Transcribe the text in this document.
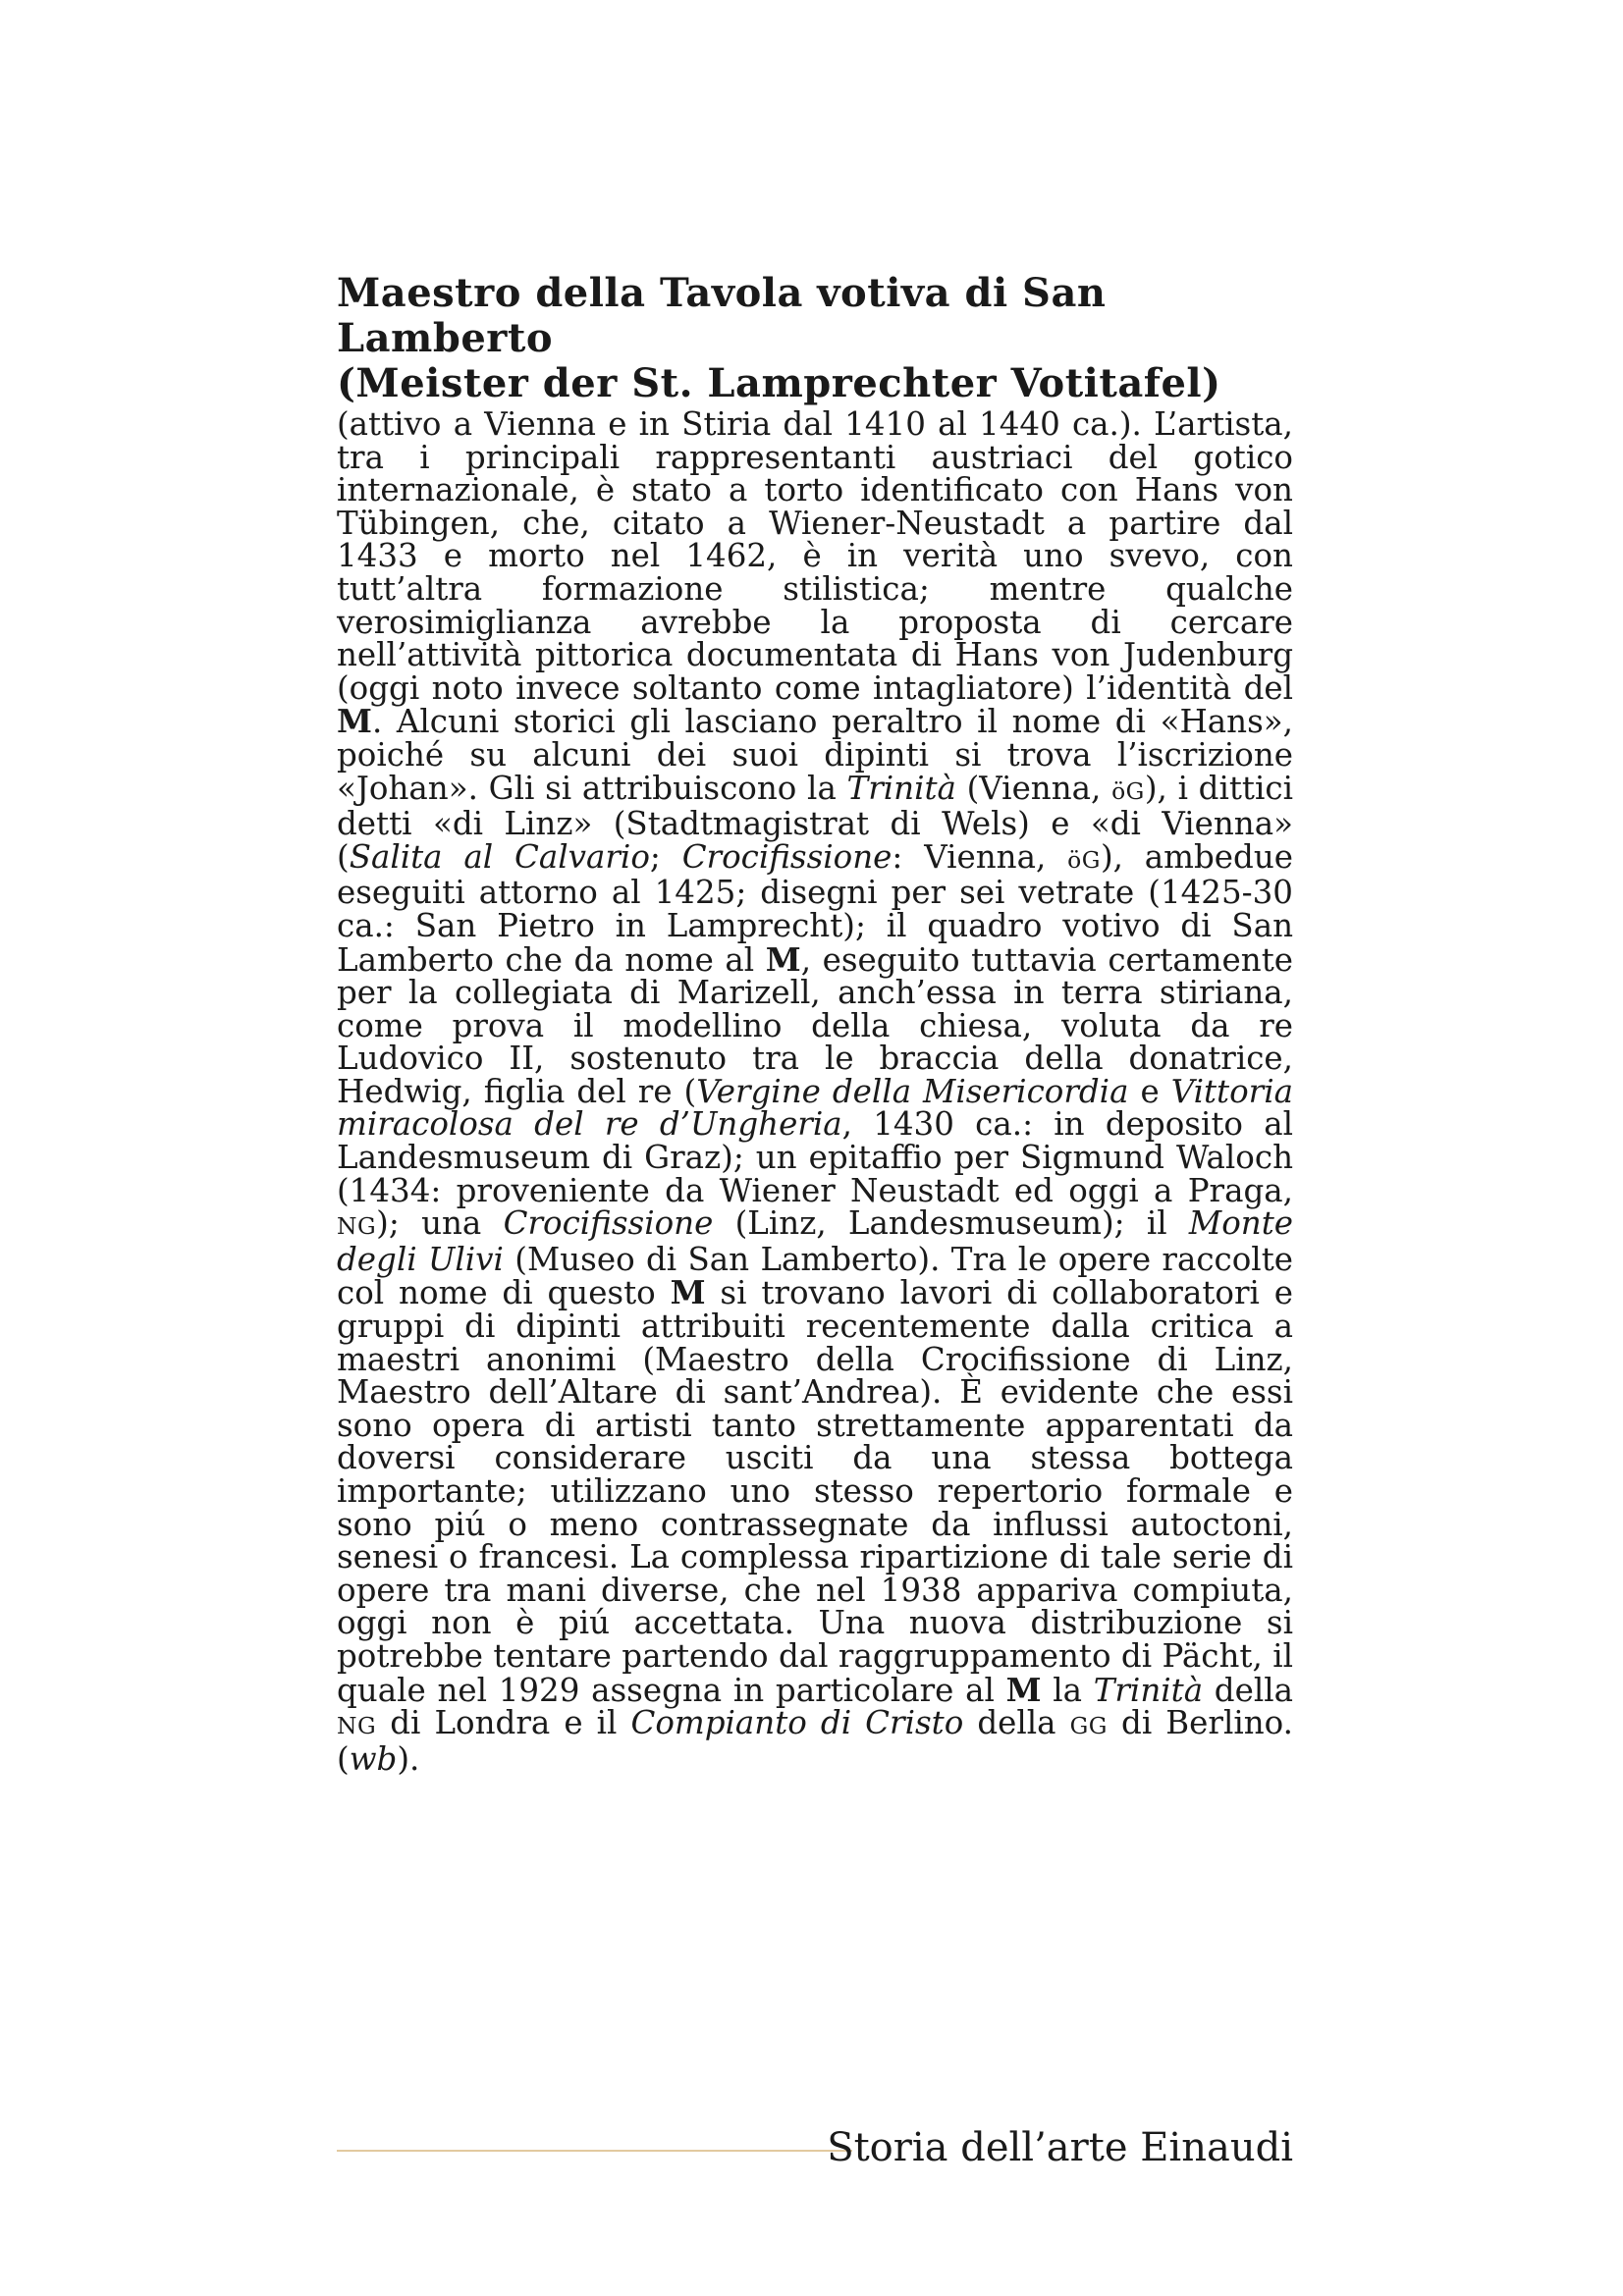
Maestro della Tavola votiva di San Lamberto
(Meister der St. Lamprechter Votitafel)

(attivo a Vienna e in Stiria dal 1410 al 1440 ca.). L’artista, tra i principali rappresentanti austriaci del gotico internazionale, è stato a torto identificato con Hans von Tübingen, che, citato a Wiener-Neustadt a partire dal 1433 e morto nel 1462, è in verità uno svevo, con tutt’altra formazione stilistica; mentre qualche verosimiglianza avrebbe la proposta di cercare nell’attività pittorica documentata di Hans von Judenburg (oggi noto invece soltanto come intagliatore) l’identità del M. Alcuni storici gli lasciano peraltro il nome di «Hans», poiché su alcuni dei suoi dipinti si trova l’iscrizione «Johan». Gli si attribuiscono la Trinità (Vienna, öG), i dittici detti «di Linz» (Stadtmagistrat di Wels) e «di Vienna» (Salita al Calvario; Crocifissione: Vienna, öG), ambedue eseguiti attorno al 1425; disegni per sei vetrate (1425-30 ca.: San Pietro in Lamprecht); il quadro votivo di San Lamberto che da nome al M, eseguito tuttavia certamente per la collegiata di Marizell, anch’essa in terra stiriana, come prova il modellino della chiesa, voluta da re Ludovico II, sostenuto tra le braccia della donatrice, Hedwig, figlia del re (Vergine della Misericordia e Vittoria miracolosa del re d’Ungheria, 1430 ca.: in deposito al Landesmuseum di Graz); un epitaffio per Sigmund Waloch (1434: proveniente da Wiener Neustadt ed oggi a Praga, NG); una Crocifissione (Linz, Landesmuseum); il Monte degli Ulivi (Museo di San Lamberto). Tra le opere raccolte col nome di questo M si trovano lavori di collaboratori e gruppi di dipinti attribuiti recentemente dalla critica a maestri anonimi (Maestro della Crocifissione di Linz, Maestro dell’Altare di sant’Andrea). È evidente che essi sono opera di artisti tanto strettamente apparentati da doversi considerare usciti da una stessa bottega importante; utilizzano uno stesso repertorio formale e sono piú o meno contrassegnate da influssi autoctoni, senesi o francesi. La complessa ripartizione di tale serie di opere tra mani diverse, che nel 1938 appariva compiuta, oggi non è piú accettata. Una nuova distribuzione si potrebbe tentare partendo dal raggruppamento di Pächt, il quale nel 1929 assegna in particolare al M la Trinità della NG di Londra e il Compianto di Cristo della GG di Berlino. (wb).

Storia dell’arte Einaudi
